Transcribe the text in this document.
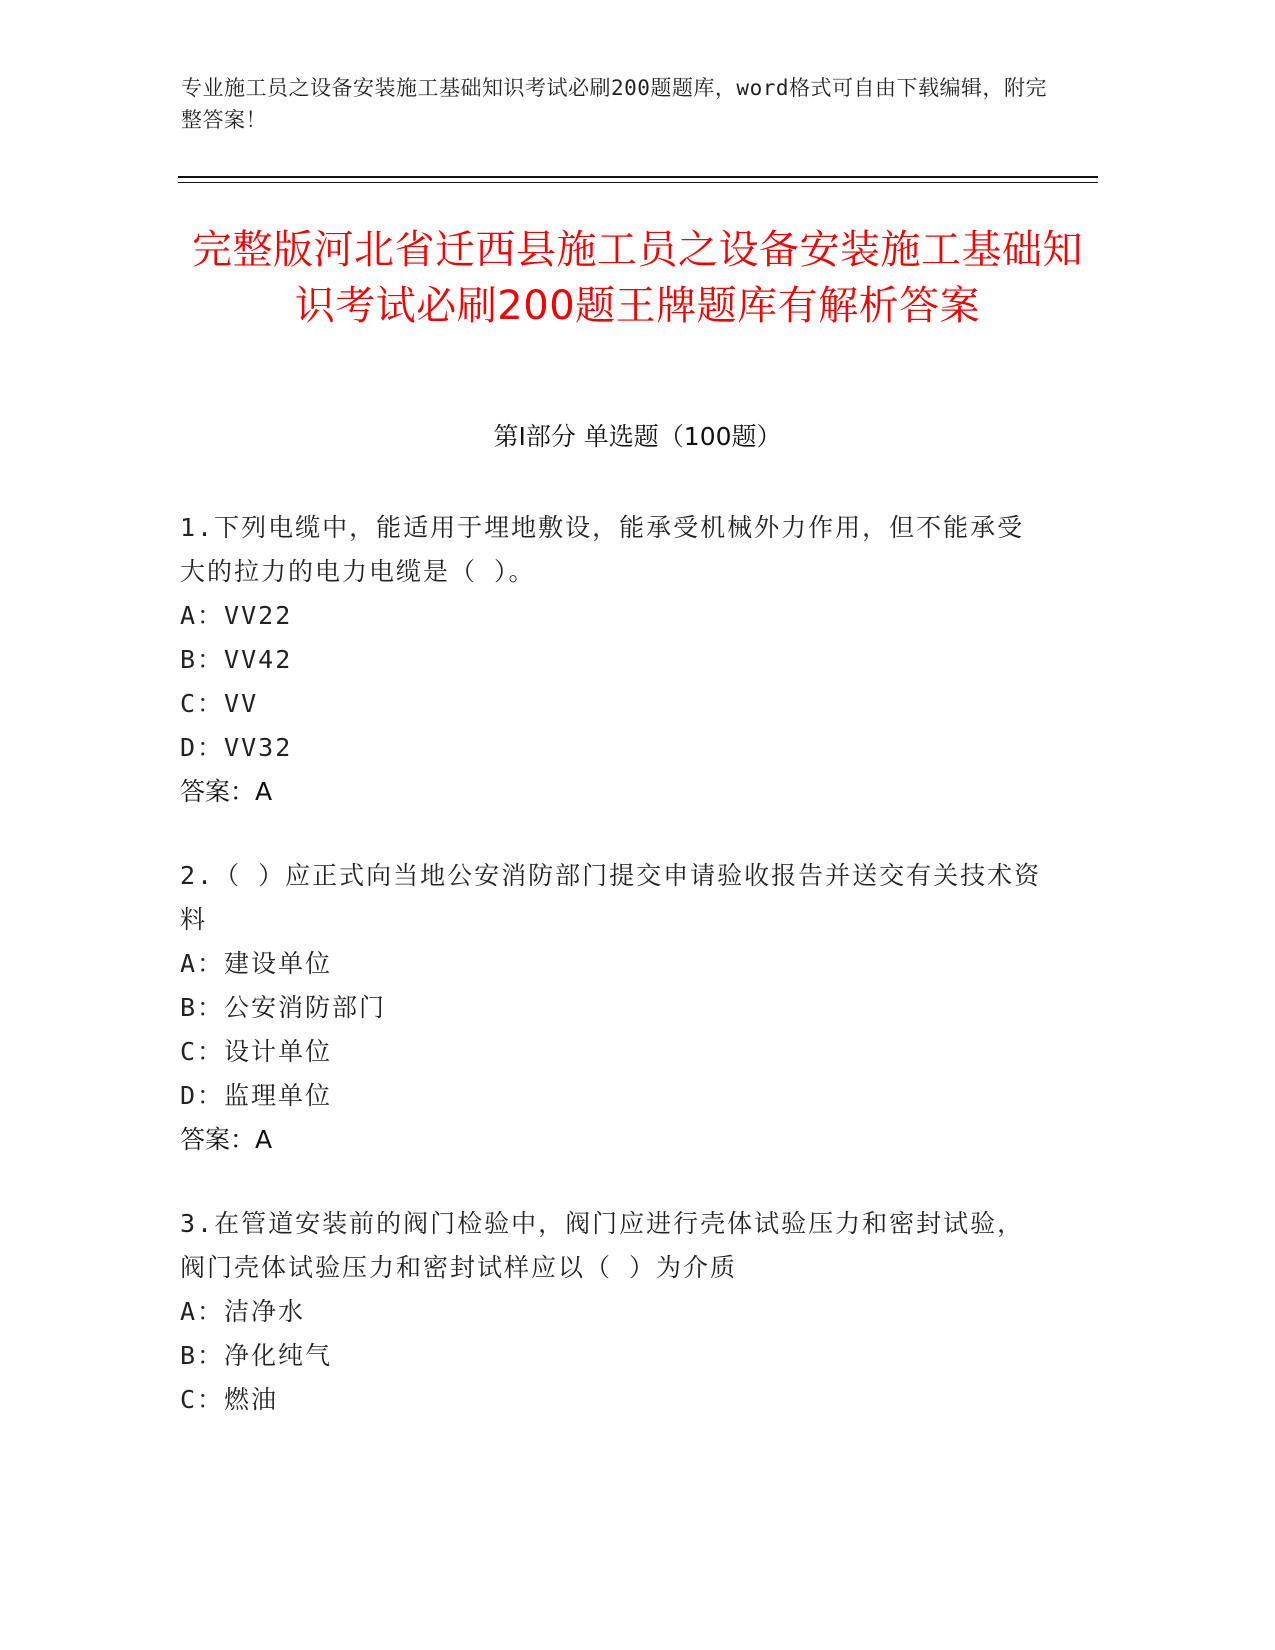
专业施工员之设备安装施工基础知识考试必刷200题题库，word格式可自由下载编辑，附完整答案！
完整版河北省迁西县施工员之设备安装施工基础知识考试必刷200题王牌题库有解析答案
第Ⅰ部分 单选题（100题）
1.下列电缆中，能适用于埋地敷设，能承受机械外力作用，但不能承受大的拉力的电力电缆是（ ）。
A：VV22
B：VV42
C：VV
D：VV32
答案：A
2.（ ）应正式向当地公安消防部门提交申请验收报告并送交有关技术资料
A：建设单位
B：公安消防部门
C：设计单位
D：监理单位
答案：A
3.在管道安装前的阀门检验中，阀门应进行壳体试验压力和密封试验，阀门壳体试验压力和密封试样应以（ ）为介质
A：洁净水
B：净化纯气
C：燃油
